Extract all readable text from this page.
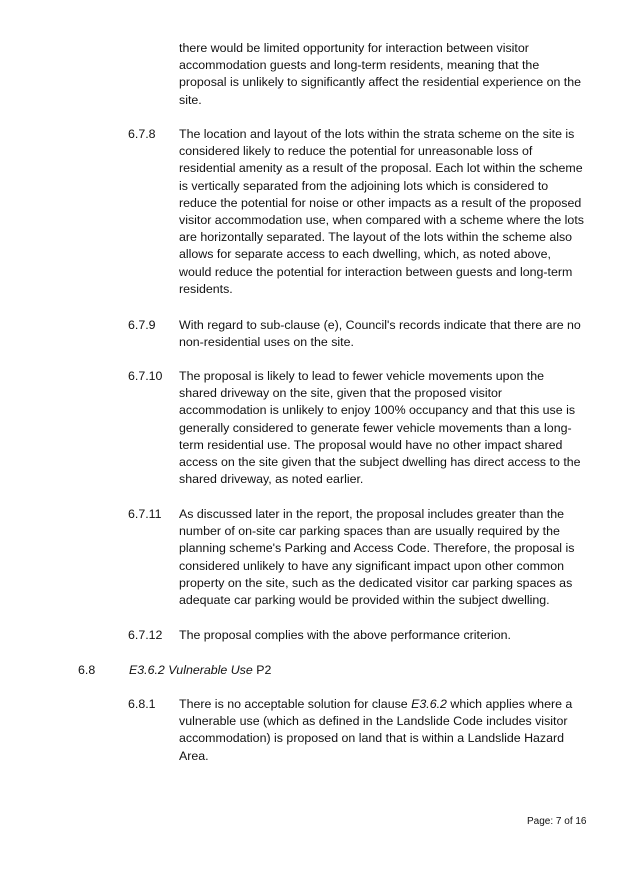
there would be limited opportunity for interaction between visitor accommodation guests and long-term residents, meaning that the proposal is unlikely to significantly affect the residential experience on the site.
6.7.8 The location and layout of the lots within the strata scheme on the site is considered likely to reduce the potential for unreasonable loss of residential amenity as a result of the proposal. Each lot within the scheme is vertically separated from the adjoining lots which is considered to reduce the potential for noise or other impacts as a result of the proposed visitor accommodation use, when compared with a scheme where the lots are horizontally separated. The layout of the lots within the scheme also allows for separate access to each dwelling, which, as noted above, would reduce the potential for interaction between guests and long-term residents.
6.7.9 With regard to sub-clause (e), Council's records indicate that there are no non-residential uses on the site.
6.7.10 The proposal is likely to lead to fewer vehicle movements upon the shared driveway on the site, given that the proposed visitor accommodation is unlikely to enjoy 100% occupancy and that this use is generally considered to generate fewer vehicle movements than a long-term residential use. The proposal would have no other impact shared access on the site given that the subject dwelling has direct access to the shared driveway, as noted earlier.
6.7.11 As discussed later in the report, the proposal includes greater than the number of on-site car parking spaces than are usually required by the planning scheme's Parking and Access Code. Therefore, the proposal is considered unlikely to have any significant impact upon other common property on the site, such as the dedicated visitor car parking spaces as adequate car parking would be provided within the subject dwelling.
6.7.12 The proposal complies with the above performance criterion.
6.8	E3.6.2 Vulnerable Use P2
6.8.1 There is no acceptable solution for clause E3.6.2 which applies where a vulnerable use (which as defined in the Landslide Code includes visitor accommodation) is proposed on land that is within a Landslide Hazard Area.
Page: 7 of 16
